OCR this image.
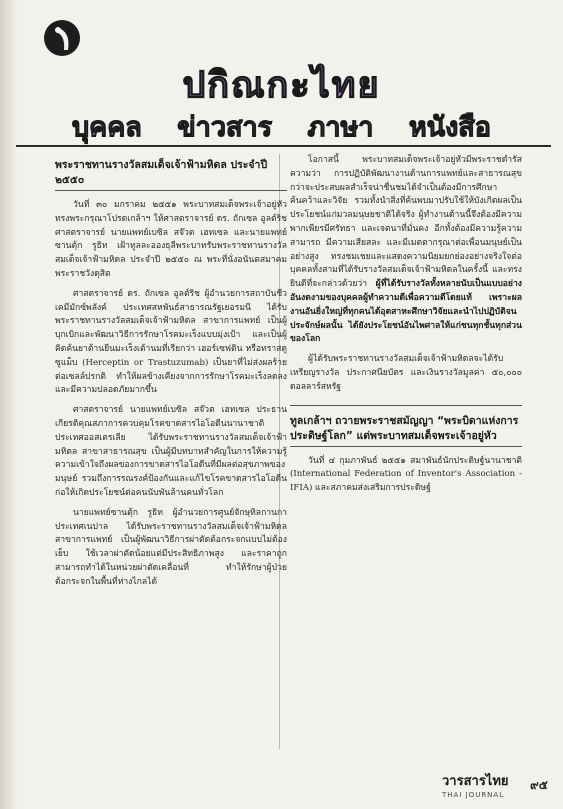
ปกิณกะไทย
บุคคล ข่าวสาร ภาษา หนังสือ
พระราชทานรางวัลสมเด็จเจ้าฟ้ามหิดล ประจำปี ๒๕๕๐

วันที่ ๓๐ มกราคม ๒๕๕๑ พระบาทสมเด็จพระเจ้าอยู่หัว ทรงพระกรุณาโปรดเกล้าฯ ให้ศาสตราจารย์ ดร. ถักเซล อูลต์ริช ศาสตราจารย์ นายแพทย์เบซิล สจ๊วต เฮทเซล และนายแพทย์ซานตุ้ก รูธิท เฝ้าทูลละอองธุลีพระบาทรับพระราชทานรางวัลสมเด็จเจ้าฟ้ามหิดล ประจำปี ๒๕๕๐ ณ พระที่นั่งอนันตสมาคม พระราชวังดุสิต

ศาสตราจารย์ ดร. ถักเซล อูลต์ริช ผู้อำนวยการสถาบันชีวเคมีมักซ์พลังค์ ประเทศสหพันธ์สาธารณรัฐเยอรมนี ได้รับพระราชทานรางวัลสมเด็จเจ้าฟ้ามหิดล สาขาการแพทย์ เป็นผู้บุกเบิกและพัฒนาวิธีการรักษาโรคมะเร็งแบบมุ่งเป้า และเป็นผู้คิดค้นยาต้านยีนมะเร็งเต้านมที่เรียกว่า เฮอร์เซฟติน หรือทราสตูซูแม็บ (Herceptin or Trastuzumab) เป็นยาที่ไม่ส่งผลร้ายต่อเซลล์ปรกติ ทำให้ผลข้างเคียงจากการรักษาโรคมะเร็งลดลงและมีความปลอดภัยมากขึ้น

ศาสตราจารย์ นายแพทย์เบซิล สจ๊วต เฮทเซล ประธานเกียรติคุณสภาการควบคุมโรคขาดสารไอโอดีนนานาชาติ ประเทศออสเตรเลีย ได้รับพระราชทานรางวัลสมเด็จเจ้าฟ้ามหิดล สาขาสาธารณสุข เป็นผู้มีบทบาทสำคัญในการให้ความรู้ความเข้าใจถึงผลของการขาดสารไอโอดีนที่มีผลต่อสุขภาพของมนุษย์ รวมถึงการรณรงค์ป้องกันและแก้ไขโรคขาดสารไอโอดีนก่อให้เกิดประโยชน์ต่อคนนับพันล้านคนทั่วโลก

นายแพทย์ซานตุ้ก รูธิท ผู้อำนวยการศูนย์จักษุทิลกานกา ประเทศเนปาล ได้รับพระราชทานรางวัลสมเด็จเจ้าฟ้ามหิดล สาขาการแพทย์ เป็นผู้พัฒนาวิธีการผ่าตัดต้อกระจกแบบไม่ต้องเย็บ ใช้เวลาผ่าตัดน้อยแต่มีประสิทธิภาพสูง และราคาถูก สามารถทำได้ในหน่วยผ่าตัดเคลื่อนที่ ทำให้รักษาผู้ป่วยต้อกระจกในพื้นที่ห่างไกลได้

โอกาสนี้ พระบาทสมเด็จพระเจ้าอยู่หัวมีพระราชดำรัส ความว่า การปฏิบัติพัฒนางานด้านการแพทย์และสาธารณสุข กว่าจะประสบผลสำเร็จน่าชื่นชมได้จำเป็นต้องมีการศึกษาค้นคว้าและวิจัย รวมทั้งนำสิ่งที่ค้นพบมาปรับใช้ให้บังเกิดผลเป็นประโยชน์แก่มวลมนุษยชาติได้จริง ผู้ทำงานด้านนี้จึงต้องมีความพากเพียรมีศรัทธา และเจตนาที่มั่นคง อีกทั้งต้องมีความรู้ความสามารถ มีความเสียสละ และมีเมตตากรุณาต่อเพื่อนมนุษย์เป็นอย่างสูง ทรงชมเชยและแสดงความนิยมยกย่องอย่างจริงใจต่อบุคคลทั้งสามที่ได้รับรางวัลสมเด็จเจ้าฟ้ามหิดลในครั้งนี้ และทรงยินดีที่จะกล่าวด้วยว่า ผู้ที่ได้รับรางวัลทั้งหลายนับเป็นแบบอย่างอันงดงามของบุคคลผู้ทำความดีเพื่อความดีโดยแท้ เพราะผลงานอันยิ่งใหญ่ที่ทุกคนได้อุตสาหะศึกษาวิจัยและนำไปปฏิบัติจนประจักษ์ผลนั้น ได้ยังประโยชน์อันไพศาลให้แก่ชนทุกชั้นทุกส่วนของโลก

ผู้ได้รับพระราชทานรางวัลสมเด็จเจ้าฟ้ามหิดลจะได้รับเหรียญรางวัล ประกาศนียบัตร และเงินรางวัลมูลค่า ๕๐,๐๐๐ ดอลลาร์สหรัฐ

ทูลเกล้าฯ ถวายพระราชสมัญญา “พระบิดาแห่งการประดิษฐ์โลก” แด่พระบาทสมเด็จพระเจ้าอยู่หัว

วันที่ ๔ กุมภาพันธ์ ๒๕๕๑ สมาพันธ์นักประดิษฐ์นานาชาติ (International Federation of Inventor's Association - IFIA) และสภาคมส่งเสริมการประดิษฐ์

วารสารไทย
THAI JOURNAL
๙๕
